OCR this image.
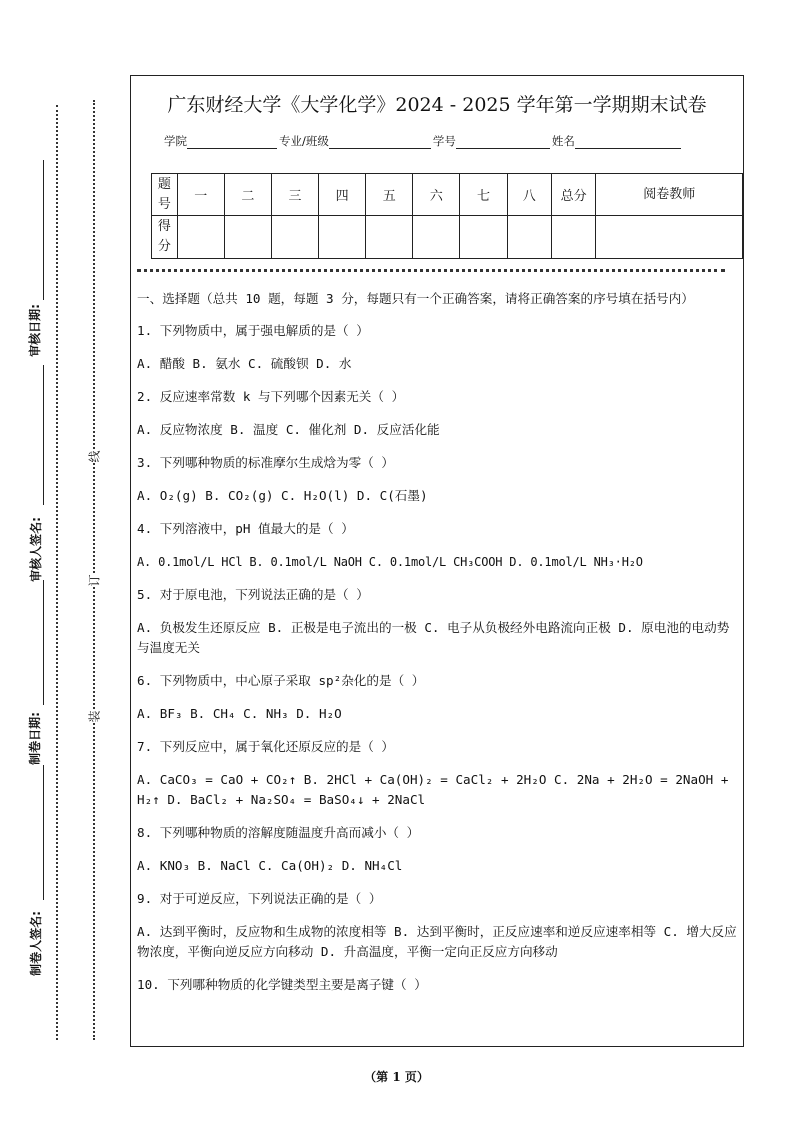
审核日期:
审核人签名:
制卷日期:
制卷人签名:
线
订
装
广东财经大学《大学化学》2024 - 2025 学年第一学期期末试卷
学院	专业/班级	学号	姓名
题号	一	二	三	四	五	六	七	八	总分	阅卷教师
得分										

一、选择题（总共 10 题，每题 3 分，每题只有一个正确答案，请将正确答案的序号填在括号内）

1. 下列物质中，属于强电解质的是（ ）

A. 醋酸 B. 氨水 C. 硫酸钡 D. 水

2. 反应速率常数 k 与下列哪个因素无关（ ）

A. 反应物浓度 B. 温度 C. 催化剂 D. 反应活化能

3. 下列哪种物质的标准摩尔生成焓为零（ ）

A. O₂(g) B. CO₂(g) C. H₂O(l) D. C(石墨)

4. 下列溶液中，pH 值最大的是（ ）

A. 0.1mol/L HCl B. 0.1mol/L NaOH C. 0.1mol/L CH₃COOH D. 0.1mol/L NH₃·H₂O

5. 对于原电池，下列说法正确的是（ ）

A. 负极发生还原反应 B. 正极是电子流出的一极 C. 电子从负极经外电路流向正极 D. 原电池的电动势与温度无关

6. 下列物质中，中心原子采取 sp²杂化的是（ ）

A. BF₃ B. CH₄ C. NH₃ D. H₂O

7. 下列反应中，属于氧化还原反应的是（ ）

A. CaCO₃ = CaO + CO₂↑ B. 2HCl + Ca(OH)₂ = CaCl₂ + 2H₂O C. 2Na + 2H₂O = 2NaOH + H₂↑ D. BaCl₂ + Na₂SO₄ = BaSO₄↓ + 2NaCl

8. 下列哪种物质的溶解度随温度升高而减小（ ）

A. KNO₃ B. NaCl C. Ca(OH)₂ D. NH₄Cl

9. 对于可逆反应，下列说法正确的是（ ）

A. 达到平衡时，反应物和生成物的浓度相等 B. 达到平衡时，正反应速率和逆反应速率相等 C. 增大反应物浓度，平衡向逆反应方向移动 D. 升高温度，平衡一定向正反应方向移动

10. 下列哪种物质的化学键类型主要是离子键（ ）

（第 1 页）
